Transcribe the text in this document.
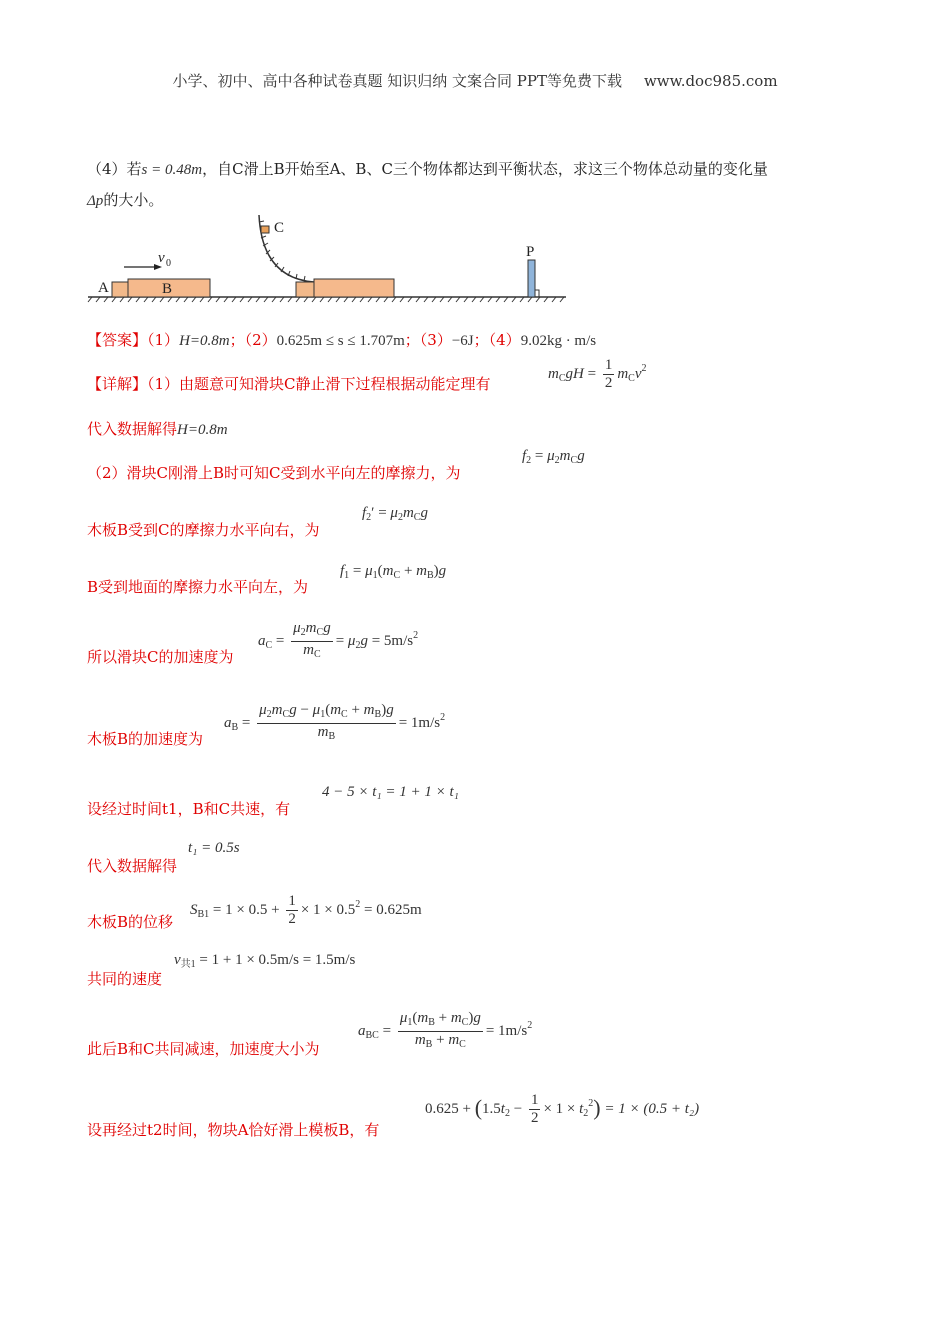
小学、初中、高中各种试卷真题 知识归纳 文案合同 PPT等免费下载 www.doc985.com
（4）若s = 0.48m，自C滑上B开始至A、B、C三个物体都达到平衡状态，求这三个物体总动量的变化量
Δp的大小。
A	B
v 0
C
P
【答案】（1）H=0.8m；（2）0.625m ≤ s ≤ 1.707m；（3）−6J；（4）9.02kg · m/s
【详解】（1）由题意可知滑块C静止滑下过程根据动能定理有
$m_CgH = \frac{1}{2} m_Cv^2$
代入数据解得H=0.8m
（2）滑块C刚滑上B时可知C受到水平向左的摩擦力，为
$f_2 = \mu_2m_Cg$
木板B受到C的摩擦力水平向右，为
$f_2' = \mu_2m_Cg$
B受到地面的摩擦力水平向左，为
$f_1 = \mu_1(m_C + m_B)g$
所以滑块C的加速度为
$a_C = \frac{\mu_2m_Cg}{m_C} = \mu_2g = 5m/s^2$
木板B的加速度为
$a_B = \frac{\mu_2m_Cg - \mu_1(m_C + m_B)g}{m_B} = 1m/s^2$
设经过时间t1，B和C共速，有
4 − 5 × t₁ = 1 + 1 × t₁
代入数据解得
t₁ = 0.5s
木板B的位移
$S_{B1} = 1 \times 0.5 + \frac{1}{2} \times 1 \times 0.5^2 = 0.625m$
共同的速度
$v_{共1} = 1 + 1 \times 0.5m/s = 1.5m/s$
此后B和C共同减速，加速度大小为
$a_{BC} = \frac{\mu_1(m_B + m_C)g}{m_B + m_C} = 1m/s^2$
设再经过t2时间，物块A恰好滑上模板B，有
$0.625 + (1.5t_2 - \frac{1}{2} \times 1 \times t_2^2) = 1 \times (0.5 + t_2)$
